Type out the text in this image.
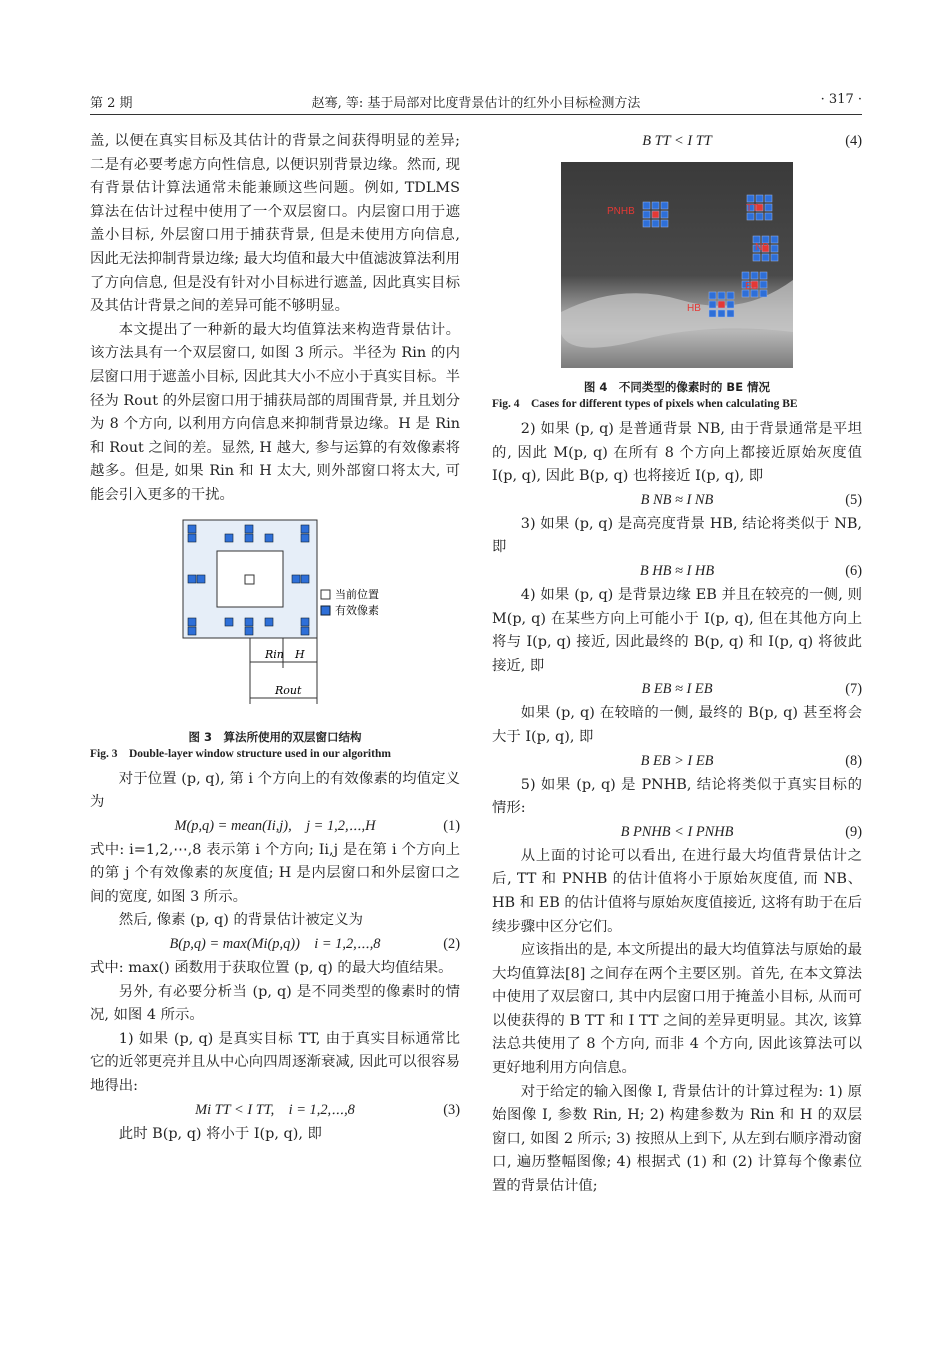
第 2 期	赵骞, 等: 基于局部对比度背景估计的红外小目标检测方法	· 317 ·

盖, 以便在真实目标及其估计的背景之间获得明显的差异; 二是有必要考虑方向性信息, 以便识别背景边缘。然而, 现有背景估计算法通常未能兼顾这些问题。例如, TDLMS 算法在估计过程中使用了一个双层窗口。内层窗口用于遮盖小目标, 外层窗口用于捕获背景, 但是未使用方向信息, 因此无法抑制背景边缘; 最大均值和最大中值滤波算法利用了方向信息, 但是没有针对小目标进行遮盖, 因此真实目标及其估计背景之间的差异可能不够明显。

本文提出了一种新的最大均值算法来构造背景估计。该方法具有一个双层窗口, 如图 3 所示。半径为 Rin 的内层窗口用于遮盖小目标, 因此其大小不应小于真实目标。半径为 Rout 的外层窗口用于捕获局部的周围背景, 并且划分为 8 个方向, 以利用方向信息来抑制背景边缘。H 是 Rin 和 Rout 之间的差。显然, H 越大, 参与运算的有效像素将越多。但是, 如果 Rin 和 H 太大, 则外部窗口将太大, 可能会引入更多的干扰。

当前位置
有效像素
Rin H
Rout
图 3　算法所使用的双层窗口结构
Fig. 3　Double-layer window structure used in our algorithm

对于位置 (p, q), 第 i 个方向上的有效像素的均值定义为

M(p,q) = mean(Ii,j),　j = 1,2,⋯,H	(1)

式中: i=1,2,⋯,8 表示第 i 个方向; Ii,j 是在第 i 个方向上的第 j 个有效像素的灰度值; H 是内层窗口和外层窗口之间的宽度, 如图 3 所示。

然后, 像素 (p, q) 的背景估计被定义为

B(p,q) = max(Mi(p,q))　i = 1,2,⋯,8	(2)

式中: max() 函数用于获取位置 (p, q) 的最大均值结果。

另外, 有必要分析当 (p, q) 是不同类型的像素时的情况, 如图 4 所示。

1) 如果 (p, q) 是真实目标 TT, 由于真实目标通常比它的近邻更亮并且从中心向四周逐渐衰减, 因此可以很容易地得出:

Mi TT < I TT,　i = 1,2,⋯,8	(3)

此时 B(p, q) 将小于 I(p, q), 即

B TT < I TT	(4)
PNHB	TT
NB
EB
HB
图 4　不同类型的像素时的 BE 情况
Fig. 4　Cases for different types of pixels when calculating BE

2) 如果 (p, q) 是普通背景 NB, 由于背景通常是平坦的, 因此 M(p, q) 在所有 8 个方向上都接近原始灰度值 I(p, q), 因此 B(p, q) 也将接近 I(p, q), 即

B NB ≈ I NB	(5)

3) 如果 (p, q) 是高亮度背景 HB, 结论将类似于 NB, 即

B HB ≈ I HB	(6)

4) 如果 (p, q) 是背景边缘 EB 并且在较亮的一侧, 则 M(p, q) 在某些方向上可能小于 I(p, q), 但在其他方向上将与 I(p, q) 接近, 因此最终的 B(p, q) 和 I(p, q) 将彼此接近, 即

B EB ≈ I EB	(7)

如果 (p, q) 在较暗的一侧, 最终的 B(p, q) 甚至将会大于 I(p, q), 即

B EB > I EB	(8)

5) 如果 (p, q) 是 PNHB, 结论将类似于真实目标的情形:

B PNHB < I PNHB	(9)

从上面的讨论可以看出, 在进行最大均值背景估计之后, TT 和 PNHB 的估计值将小于原始灰度值, 而 NB、HB 和 EB 的估计值将与原始灰度值接近, 这将有助于在后续步骤中区分它们。

应该指出的是, 本文所提出的最大均值算法与原始的最大均值算法[8] 之间存在两个主要区别。首先, 在本文算法中使用了双层窗口, 其中内层窗口用于掩盖小目标, 从而可以使获得的 B TT 和 I TT 之间的差异更明显。其次, 该算法总共使用了 8 个方向, 而非 4 个方向, 因此该算法可以更好地利用方向信息。

对于给定的输入图像 I, 背景估计的计算过程为: 1) 原始图像 I, 参数 Rin, H; 2) 构建参数为 Rin 和 H 的双层窗口, 如图 2 所示; 3) 按照从上到下, 从左到右顺序滑动窗口, 遍历整幅图像; 4) 根据式 (1) 和 (2) 计算每个像素位置的背景估计值;
